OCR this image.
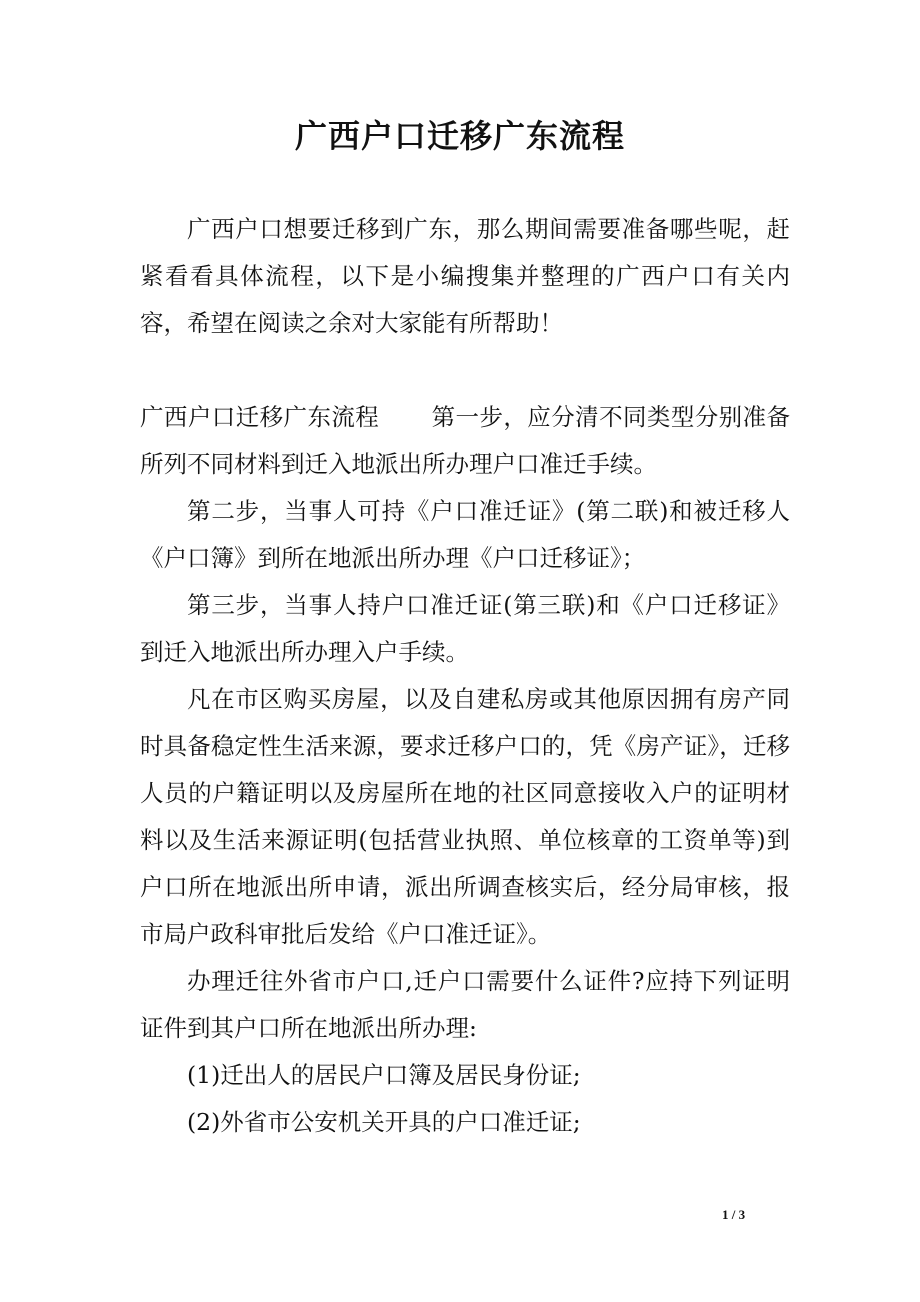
广西户口迁移广东流程

广西户口想要迁移到广东，那么期间需要准备哪些呢，赶紧看看具体流程，以下是小编搜集并整理的广西户口有关内容，希望在阅读之余对大家能有所帮助！

广西户口迁移广东流程 第一步，应分清不同类型分别准备所列不同材料到迁入地派出所办理户口准迁手续。

第二步，当事人可持《户口准迁证》(第二联)和被迁移人《户口簿》到所在地派出所办理《户口迁移证》；

第三步，当事人持户口准迁证(第三联)和《户口迁移证》到迁入地派出所办理入户手续。

凡在市区购买房屋，以及自建私房或其他原因拥有房产同时具备稳定性生活来源，要求迁移户口的，凭《房产证》，迁移人员的户籍证明以及房屋所在地的社区同意接收入户的证明材料以及生活来源证明(包括营业执照、单位核章的工资单等)到户口所在地派出所申请，派出所调查核实后，经分局审核，报市局户政科审批后发给《户口准迁证》。

办理迁往外省市户口,迁户口需要什么证件?应持下列证明证件到其户口所在地派出所办理:

(1)迁出人的居民户口簿及居民身份证;

(2)外省市公安机关开具的户口准迁证;

1 / 3
